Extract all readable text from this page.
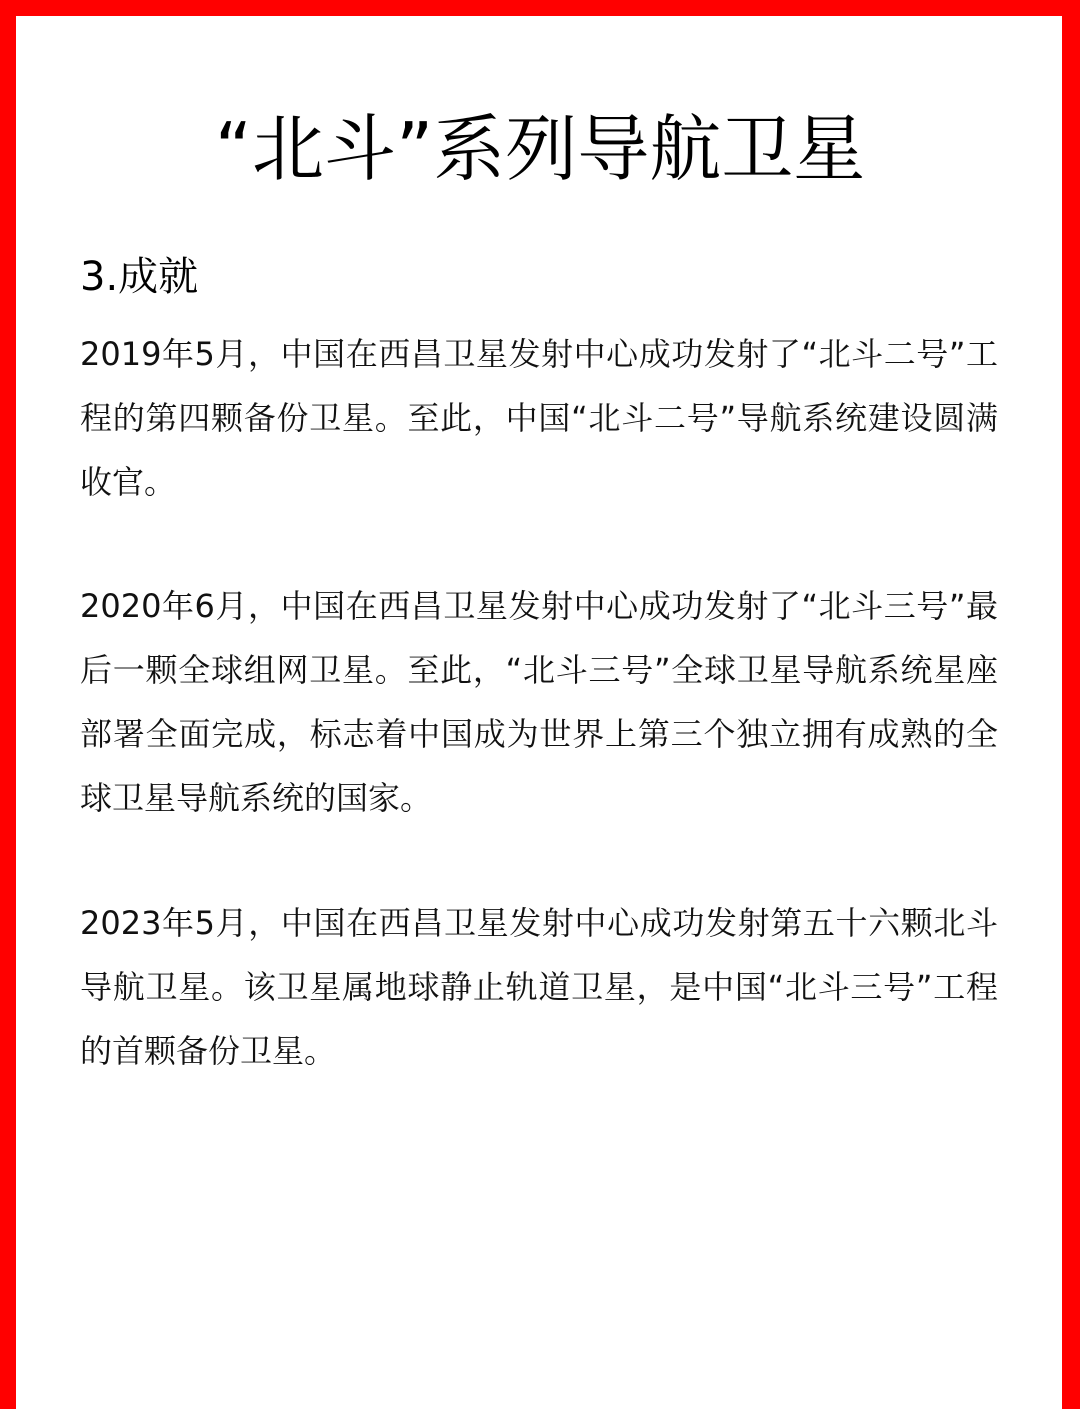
“北斗”系列导航卫星
3.成就

2019年5月，中国在西昌卫星发射中心成功发射了“北斗二号”工程的第四颗备份卫星。至此，中国“北斗二号”导航系统建设圆满收官。

2020年6月，中国在西昌卫星发射中心成功发射了“北斗三号”最后一颗全球组网卫星。至此，“北斗三号”全球卫星导航系统星座部署全面完成，标志着中国成为世界上第三个独立拥有成熟的全球卫星导航系统的国家。

2023年5月，中国在西昌卫星发射中心成功发射第五十六颗北斗导航卫星。该卫星属地球静止轨道卫星，是中国“北斗三号”工程的首颗备份卫星。
